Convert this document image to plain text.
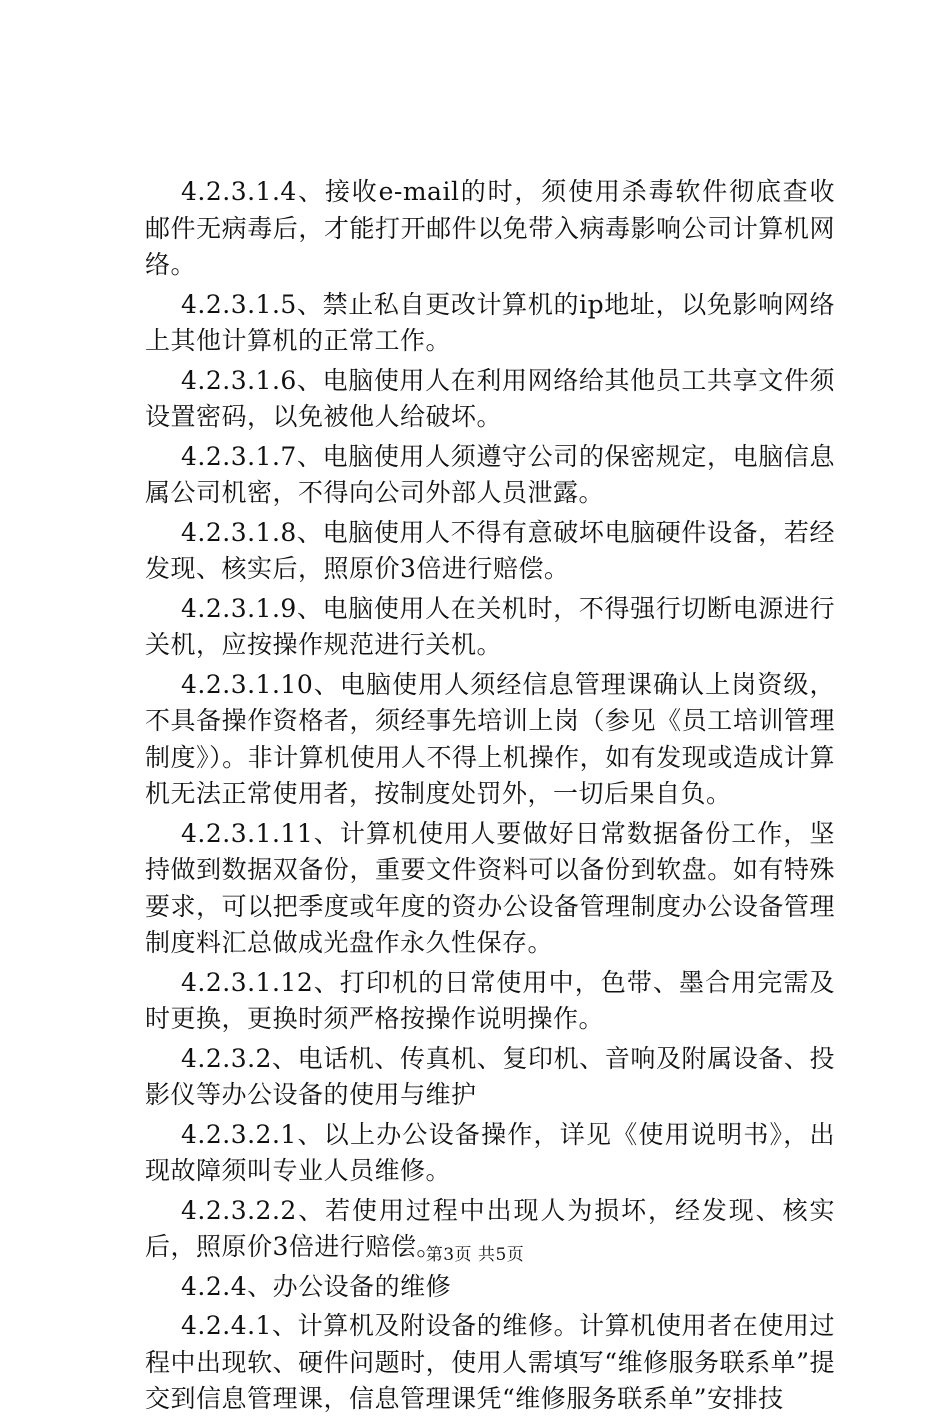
4.2.3.1.4、接收e-mail的时，须使用杀毒软件彻底查收邮件无病毒后，才能打开邮件以免带入病毒影响公司计算机网络。

4.2.3.1.5、禁止私自更改计算机的ip地址，以免影响网络上其他计算机的正常工作。

4.2.3.1.6、电脑使用人在利用网络给其他员工共享文件须设置密码，以免被他人给破坏。

4.2.3.1.7、电脑使用人须遵守公司的保密规定，电脑信息属公司机密，不得向公司外部人员泄露。

4.2.3.1.8、电脑使用人不得有意破坏电脑硬件设备，若经发现、核实后，照原价3倍进行赔偿。

4.2.3.1.9、电脑使用人在关机时，不得强行切断电源进行关机，应按操作规范进行关机。

4.2.3.1.10、电脑使用人须经信息管理课确认上岗资级，不具备操作资格者，须经事先培训上岗（参见《员工培训管理制度》）。非计算机使用人不得上机操作，如有发现或造成计算机无法正常使用者，按制度处罚外，一切后果自负。

4.2.3.1.11、计算机使用人要做好日常数据备份工作，坚持做到数据双备份，重要文件资料可以备份到软盘。如有特殊要求，可以把季度或年度的资办公设备管理制度办公设备管理制度料汇总做成光盘作永久性保存。

4.2.3.1.12、打印机的日常使用中，色带、墨合用完需及时更换，更换时须严格按操作说明操作。

4.2.3.2、电话机、传真机、复印机、音响及附属设备、投影仪等办公设备的使用与维护

4.2.3.2.1、以上办公设备操作，详见《使用说明书》，出现故障须叫专业人员维修。

4.2.3.2.2、若使用过程中出现人为损坏，经发现、核实后，照原价3倍进行赔偿。

4.2.4、办公设备的维修

4.2.4.1、计算机及附设备的维修。计算机使用者在使用过程中出现软、硬件问题时，使用人需填写“维修服务联系单”提交到信息管理课，信息管理课凭“维修服务联系单”安排技

第3页 共5页
